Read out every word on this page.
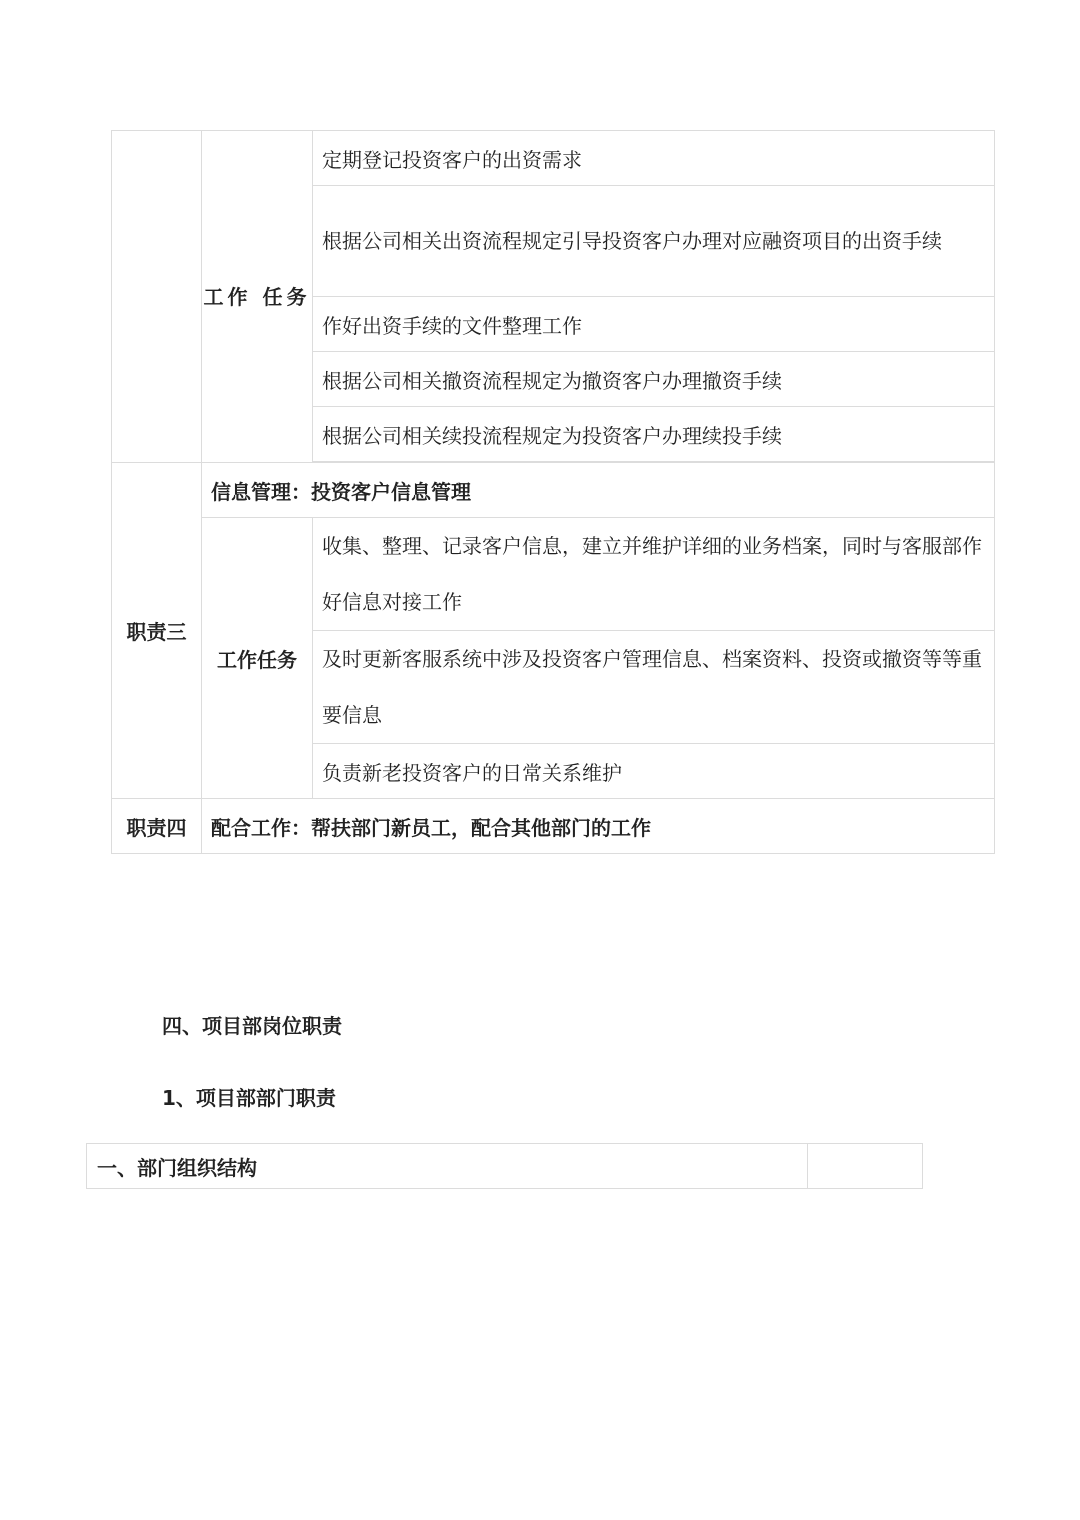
	工作 任务	定期登记投资客户的出资需求
		根据公司相关出资流程规定引导投资客户办理对应融资项目的出资手续
		作好出资手续的文件整理工作
		根据公司相关撤资流程规定为撤资客户办理撤资手续
		根据公司相关续投流程规定为投资客户办理续投手续

职责三	信息管理：投资客户信息管理	
	工作任务	收集、整理、记录客户信息，建立并维护详细的业务档案，同时与客服部作好信息对接工作
		及时更新客服系统中涉及投资客户管理信息、档案资料、投资或撤资等等重要信息
		负责新老投资客户的日常关系维护
职责四	配合工作：帮扶部门新员工，配合其他部门的工作	
四、项目部岗位职责
1、项目部部门职责
一、部门组织结构	
